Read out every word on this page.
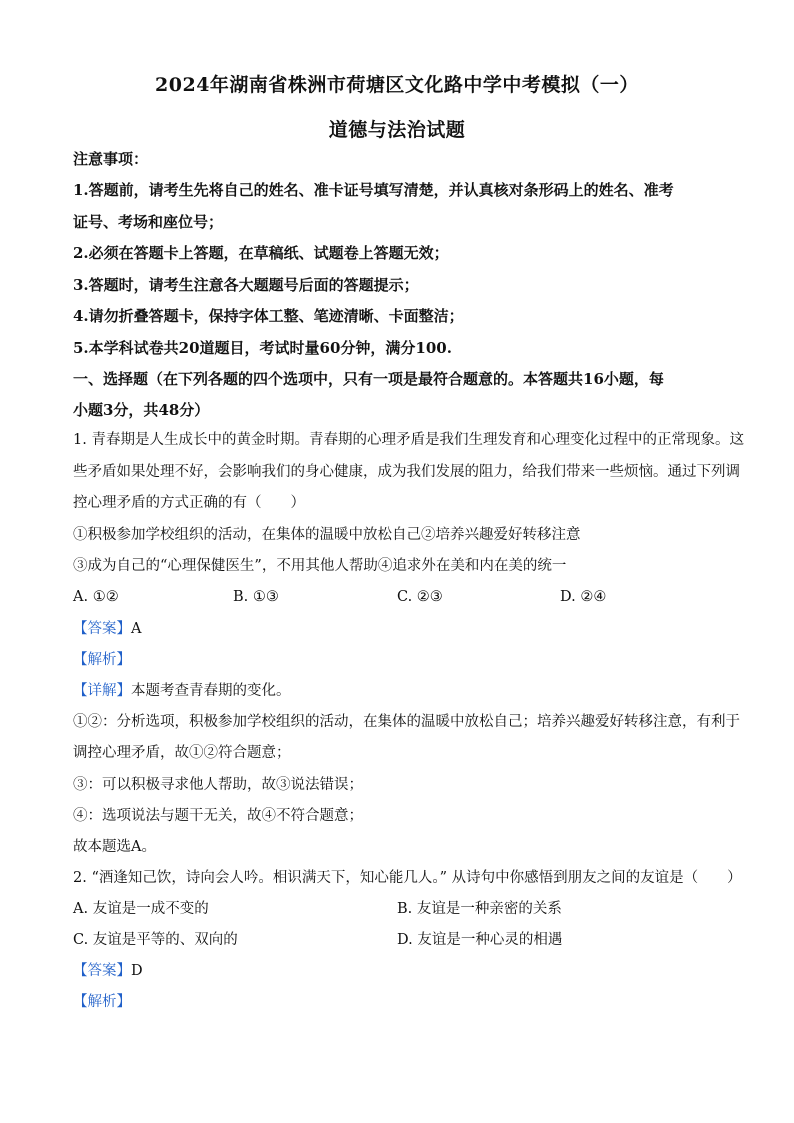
2024年湖南省株洲市荷塘区文化路中学中考模拟（一）
道德与法治试题
注意事项：
1.答题前，请考生先将自己的姓名、准卡证号填写清楚，并认真核对条形码上的姓名、准考
证号、考场和座位号；
2.必须在答题卡上答题，在草稿纸、试题卷上答题无效；
3.答题时，请考生注意各大题题号后面的答题提示；
4.请勿折叠答题卡，保持字体工整、笔迹清晰、卡面整洁；
5.本学科试卷共20道题目，考试时量60分钟，满分100.
一、选择题（在下列各题的四个选项中，只有一项是最符合题意的。本答题共16小题，每
小题3分，共48分）
1. 青春期是人生成长中的黄金时期。青春期的心理矛盾是我们生理发育和心理变化过程中的正常现象。这
些矛盾如果处理不好，会影响我们的身心健康，成为我们发展的阻力，给我们带来一些烦恼。通过下列调
控心理矛盾的方式正确的有（　　）
①积极参加学校组织的活动，在集体的温暖中放松自己②培养兴趣爱好转移注意
③成为自己的“心理保健医生”，不用其他人帮助④追求外在美和内在美的统一
A. ①②	B. ①③	C. ②③	D. ②④
【答案】A
【解析】
【详解】本题考查青春期的变化。
①②：分析选项，积极参加学校组织的活动，在集体的温暖中放松自己；培养兴趣爱好转移注意，有利于
调控心理矛盾，故①②符合题意；
③：可以积极寻求他人帮助，故③说法错误；
④：选项说法与题干无关，故④不符合题意；
故本题选A。
2. “酒逢知己饮，诗向会人吟。相识满天下，知心能几人。” 从诗句中你感悟到朋友之间的友谊是（　　）
A. 友谊是一成不变的	B. 友谊是一种亲密的关系
C. 友谊是平等的、双向的	D. 友谊是一种心灵的相遇
【答案】D
【解析】
